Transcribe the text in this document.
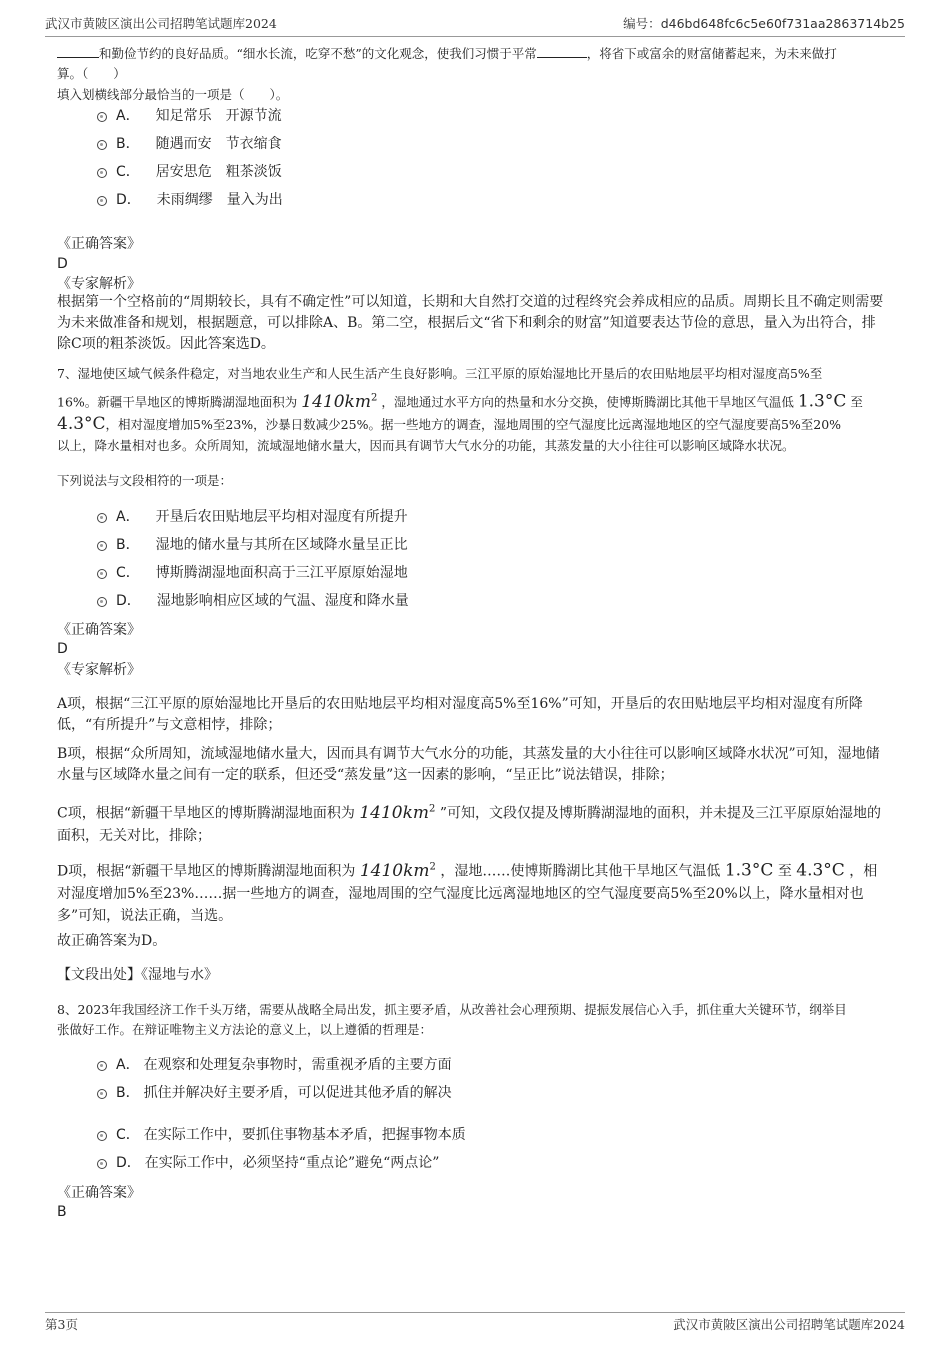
武汉市黄陂区演出公司招聘笔试题库2024	编号：d46bd648fc6c5e60f731aa2863714b25
和勤俭节约的良好品质。“细水长流，吃穿不愁”的文化观念，使我们习惯于平常	，将省下或富余的财富储蓄起来，为未来做打
算。（　　）
填入划横线部分最恰当的一项是（　　）。
A． 知足常乐　开源节流
B． 随遇而安　节衣缩食
C． 居安思危　粗茶淡饭
D． 未雨绸缪　量入为出
《正确答案》
D
《专家解析》
根据第一个空格前的“周期较长，具有不确定性”可以知道，长期和大自然打交道的过程终究会养成相应的品质。周期长且不确定则需要为未来做准备和规划，根据题意，可以排除A、B。第二空，根据后文“省下和剩余的财富”知道要表达节俭的意思，量入为出符合，排除C项的粗茶淡饭。因此答案选D。
7、湿地使区域气候条件稳定，对当地农业生产和人民生活产生良好影响。三江平原的原始湿地比开垦后的农田贴地层平均相对湿度高5%至
16%。新疆干旱地区的博斯腾湖湿地面积为 $1410km^2$ ，湿地通过水平方向的热量和水分交换，使博斯腾湖比其他干旱地区气温低 1.3°C 至
4.3°C，相对湿度增加5%至23%，沙暴日数减少25%。据一些地方的调查，湿地周围的空气湿度比远离湿地地区的空气湿度要高5%至20%
以上，降水量相对也多。众所周知，流域湿地储水量大，因而具有调节大气水分的功能，其蒸发量的大小往往可以影响区域降水状况。
下列说法与文段相符的一项是：
A． 开垦后农田贴地层平均相对湿度有所提升
B． 湿地的储水量与其所在区域降水量呈正比
C． 博斯腾湖湿地面积高于三江平原原始湿地
D． 湿地影响相应区域的气温、湿度和降水量
《正确答案》
D
《专家解析》
A项，根据“三江平原的原始湿地比开垦后的农田贴地层平均相对湿度高5%至16%”可知，开垦后的农田贴地层平均相对湿度有所降低，“有所提升”与文意相悖，排除；
B项，根据“众所周知，流域湿地储水量大，因而具有调节大气水分的功能，其蒸发量的大小往往可以影响区域降水状况”可知，湿地储水量与区域降水量之间有一定的联系，但还受“蒸发量”这一因素的影响，“呈正比”说法错误，排除；
C项，根据“新疆干旱地区的博斯腾湖湿地面积为 $1410km^2$ ”可知，文段仅提及博斯腾湖湿地的面积，并未提及三江平原原始湿地的面积，无关对比，排除；
D项，根据“新疆干旱地区的博斯腾湖湿地面积为 $1410km^2$ ，湿地……使博斯腾湖比其他干旱地区气温低 1.3°C 至 4.3°C ，相对湿度增加5%至23%……据一些地方的调查，湿地周围的空气湿度比远离湿地地区的空气湿度要高5%至20%以上，降水量相对也多”可知，说法正确，当选。
故正确答案为D。
【文段出处】《湿地与水》
8、2023年我国经济工作千头万绪，需要从战略全局出发，抓主要矛盾，从改善社会心理预期、提振发展信心入手，抓住重大关键环节，纲举目
张做好工作。在辩证唯物主义方法论的意义上，以上遵循的哲理是：
A． 在观察和处理复杂事物时，需重视矛盾的主要方面
B． 抓住并解决好主要矛盾，可以促进其他矛盾的解决
C． 在实际工作中，要抓住事物基本矛盾，把握事物本质
D． 在实际工作中，必须坚持“重点论”避免“两点论”
《正确答案》
B
第3页	武汉市黄陂区演出公司招聘笔试题库2024
